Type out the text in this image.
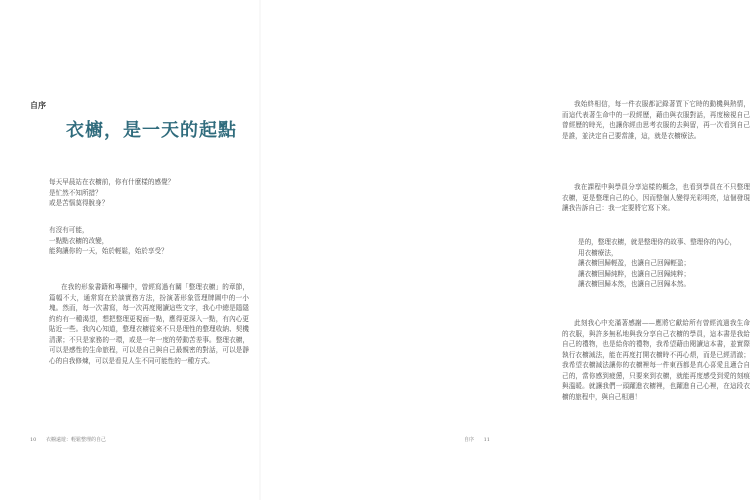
自序
衣櫥，是一天的起點

每天早晨站在衣櫥前，你有什麼樣的感覺？

是忙然不知所措？

或是苦惱莫得脫身？

有沒有可能，

一點點衣櫥的改變，

能夠讓你的一天，始於輕鬆，始於享受？

在我的形象書籍和專欄中，曾經寫過有關「整理衣櫥」的章節，篇幅不大，通常寫在於談實務方法，扮演著形象管理牌圖中的一小塊。然而，每一次書寫，每一次再度閱讀這些文字，我心中總是隱隱約約有一種渴望，想把整理更視面一點，應得更深入一點，有內心更貼近一些。我內心知道，整理衣櫥從來不只是理性的整理收納、契機清潔；不只是家務的一環，或是一年一度的勞動苦差事。整理衣櫥，可以是感性的生命旅程，可以是自己與自己最親密的對話，可以是靜心的自我修煉，可以是看見人生不同可能性的一種方式。

10 衣櫥遠遊：輕鬆整理的自己

我始終相信，每一件衣服都記錄著買下它時的動機與熱情，而這代表著生命中的一段經歷，藉由與衣服對話，再度檢視自己曾經歷的時光，也讓你經由思考衣服的去與留，再一次看到自己是誰，並決定自己要當誰，這，就是衣櫥療法。

我在課程中與學員分享這樣的概念，也看到學員在不只整理衣櫥，更是整理自己的心，因而整個人變得光彩明亮，這個發現讓我告訴自己：我一定要將它寫下來。

是的，整理衣櫥，就是整理你的故事、整理你的內心，

用衣櫥療法，

讓衣櫥回歸輕盈，也讓自己回歸輕盈；

讓衣櫥回歸純粹，也讓自己回歸純粹；

讓衣櫥回歸本然，也讓自己回歸本然。

此刻我心中充滿著感謝——應將它獻給所有曾經流過我生命的衣服，與許多無私地與我分享自己衣櫥的學員，這本書是我給自己的禮物，也是給你的禮物，我希望藉由閱讀這本書，並實際執行衣櫥減法，能在再度打開衣櫥時不再心煩，而是已經清澈；我希望衣櫥減法讓你的衣櫥裡每一件東西都是真心喜愛且適合自己的，當你感到疲憊，只要來到衣櫥，就能再度感受到愛的刻痕與溫暖。就讓我們一頭躍進衣櫥裡，也躍進自己心裡，在這段衣櫥的旅程中，與自己相遇！

自序 11
